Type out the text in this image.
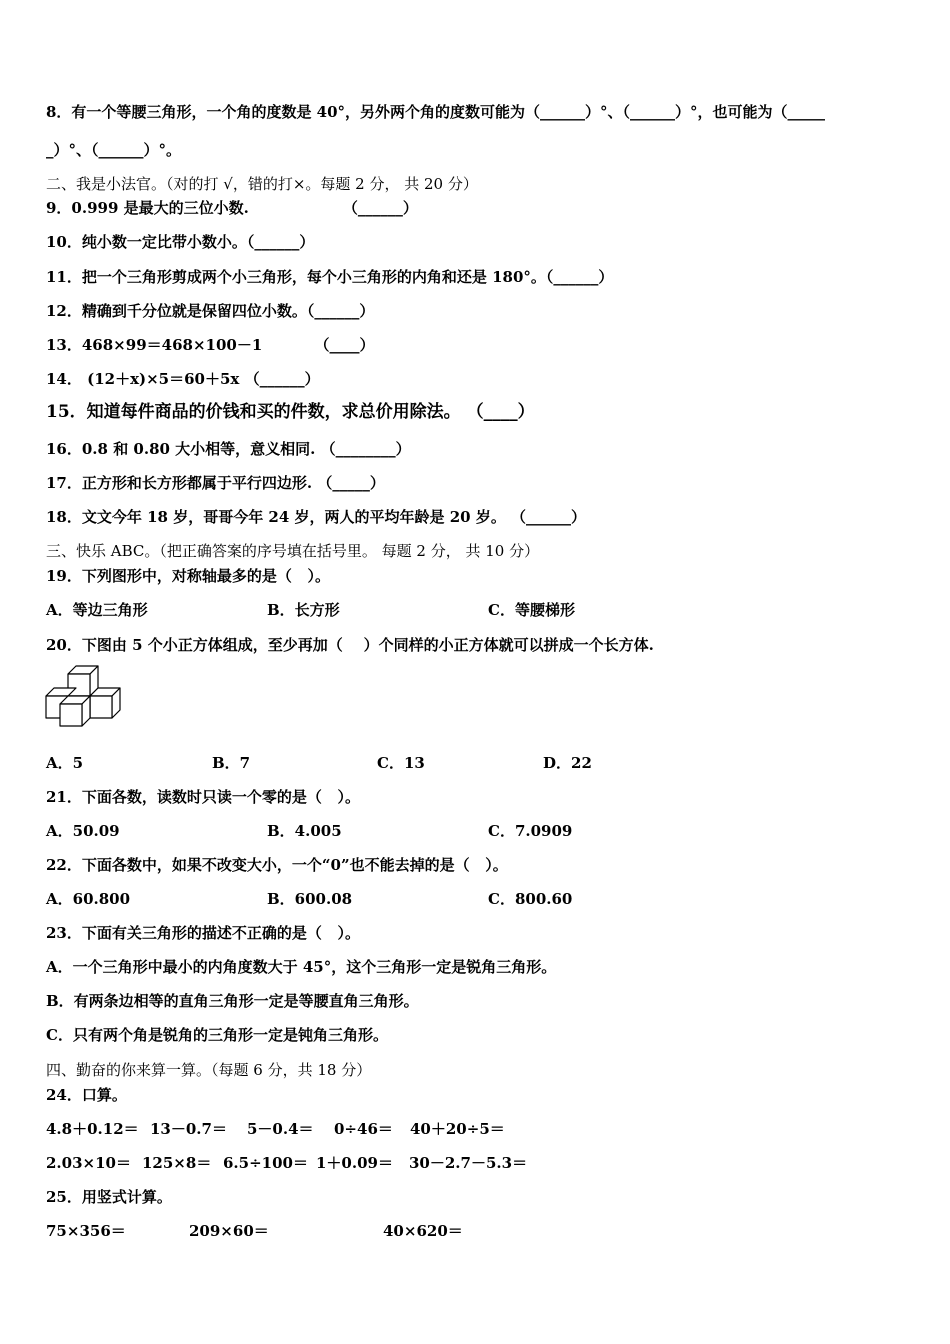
8．有一个等腰三角形，一个角的度数是 40°，另外两个角的度数可能为（______）°、（______）°，也可能为（_____
_）°、（______）°。
二、我是小法官。（对的打 √，错的打×。每题 2 分， 共 20 分）
9．0.999 是最大的三位小数.                  （______）
10．纯小数一定比带小数小。（______）
11．把一个三角形剪成两个小三角形，每个小三角形的内角和还是 180°。（______）
12．精确到千分位就是保留四位小数。（______）
13．468×99＝468×100－1          （____）
14． (12＋x)×5＝60＋5x （______）
15．知道每件商品的价钱和买的件数，求总价用除法。 （____）
16．0.8 和 0.80 大小相等，意义相同. （________）
17．正方形和长方形都属于平行四边形. （_____）
18．文文今年 18 岁，哥哥今年 24 岁，两人的平均年龄是 20 岁。 （______）
三、快乐 ABC。（把正确答案的序号填在括号里。 每题 2 分， 共 10 分）
19．下列图形中，对称轴最多的是（   ）。
A．等边三角形	B．长方形	C．等腰梯形
20．下图由 5 个小正方体组成，至少再加（    ）个同样的小正方体就可以拼成一个长方体.
A．5	B．7	C．13	D．22
21．下面各数，读数时只读一个零的是（   ）。
A．50.09	B．4.005	C．7.0909
22．下面各数中，如果不改变大小，一个“0”也不能去掉的是（   ）。
A．60.800	B．600.08	C．800.60
23．下面有关三角形的描述不正确的是（   ）。
A．一个三角形中最小的内角度数大于 45°，这个三角形一定是锐角三角形。
B．有两条边相等的直角三角形一定是等腰直角三角形。
C．只有两个角是锐角的三角形一定是钝角三角形。
四、勤奋的你来算一算。（每题 6 分，共 18 分）
24．口算。
4.8＋0.12＝ 13－0.7＝ 5－0.4＝ 0÷46＝ 40＋20÷5＝
2.03×10＝ 125×8＝ 6.5÷100＝ 1＋0.09＝ 30－2.7－5.3＝
25．用竖式计算。
75×356＝	209×60＝	40×620＝
